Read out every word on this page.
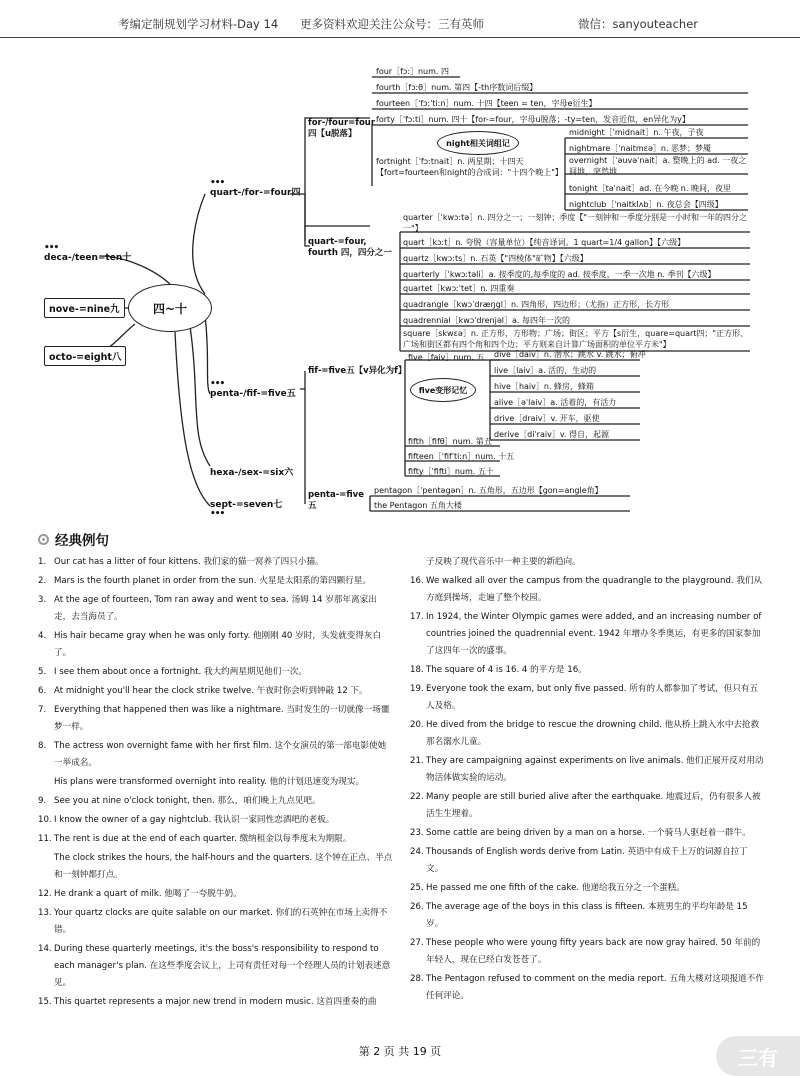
考编定制规划学习材料-Day 14 更多资料欢迎关注公众号：三有英师	微信：sanyouteacher
四~十
•••
quart-/for-=four四
•••
deca-/teen=ten十
nove-=nine九
octo-=eight八
•••
penta-/fif-=five五
hexa-/sex-=six六
sept-=seven七
•••
for-/four=four 四【u脱落】
quart-=four, fourth 四，四分之一
fif-=five五【v异化为f】
penta-=five五
four［fɔː］num. 四
fourth［fɔːθ］num. 第四【-th序数词后缀】
fourteen［ˈfɔːˈtiːn］num. 十四【teen = ten，字母e衍生】
forty［ˈfɔːti］num. 四十【for-=four，字母u脱落；-ty=ten，发音近似，en异化为y】
night相关词组记
fortnight［ˈfɔːtnait］n. 两星期；十四天【fort=fourteen和night的合成词："十四个晚上"】
midnight［ˈmidnait］n. 午夜，子夜
nightmare［ˈnaitmɛə］n. 恶梦；梦魇
overnight［ˈəuvəˈnait］a. 整晚上的 ad. 一夜之间地，突然地
tonight［təˈnait］ad. 在今晚 n. 晚间，夜里
nightclub［ˈnaitklʌb］n. 夜总会【四级】
quarter［ˈkwɔːtə］n. 四分之一；一刻钟；季度【"一刻钟和一季度分别是一小时和一年的四分之一"】
quart［kɔːt］n. 夸脱（容量单位）【纯音译词。1 quart=1/4 gallon】【六级】
quartz［kwɔːts］n. 石英【"四棱体"矿物】【六级】
quarterly［ˈkwɔːtəli］a. 按季度的,每季度的 ad. 按季度，一季一次地 n. 季刊【六级】
quartet［kwɔːˈtet］n. 四重奏
quadrangle［kwɔˈdræŋgl］n. 四角形，四边形；（尤指）正方形，长方形
quadrennial［kwɔˈdrenjəl］a. 每四年一次的
square［skwɛə］n. 正方形，方形物；广场；街区；平方【s衍生，quare=quart四；"正方形、广场和街区都有四个角和四个边；平方则来自计算广场面积的单位平方米"】
five［faiv］num. 五
five变形记忆
dive［daiv］n. 潜水；跳水 v. 跳水；俯冲
live［laiv］a. 活的，生动的
hive［haiv］n. 蜂房，蜂箱
alive［əˈlaiv］a. 活着的，有活力
drive［draiv］v. 开车，驱使
derive［diˈraiv］v. 得自，起源
fifth［fifθ］num. 第五
fifteen［ˈfifˈtiːn］num. 十五
fifty［ˈfifti］num. 五十
pentagon［ˈpentəgən］n. 五角形，五边形【gon=angle角】
the Pentagon 五角大楼
经典例句
1. Our cat has a litter of four kittens. 我们家的猫一窝养了四只小猫。
2. Mars is the fourth planet in order from the sun. 火星是太阳系的第四颗行星。
3. At the age of fourteen, Tom ran away and went to sea. 汤姆 14 岁那年离家出走，去当海员了。
4. His hair became gray when he was only forty. 他刚刚 40 岁时，头发就变得灰白了。
5. I see them about once a fortnight. 我大约两星期见他们一次。
6. At midnight you'll hear the clock strike twelve. 午夜时你会听到钟敲 12 下。
7. Everything that happened then was like a nightmare. 当时发生的一切就像一场噩梦一样。
8. The actress won overnight fame with her first film. 这个女演员的第一部电影使她一举成名。
His plans were transformed overnight into reality. 他的计划迅速变为现实。
9. See you at nine o'clock tonight, then. 那么，咱们晚上九点见吧。
10. I know the owner of a gay nightclub. 我认识一家同性恋酒吧的老板。
11. The rent is due at the end of each quarter. 缴纳租金以每季度末为期限。
The clock strikes the hours, the half-hours and the quarters. 这个钟在正点、半点和一刻钟都打点。
12. He drank a quart of milk. 他喝了一夸脱牛奶。
13. Your quartz clocks are quite salable on our market. 你们的石英钟在市场上卖得不错。
14. During these quarterly meetings, it's the boss's responsibility to respond to each manager's plan. 在这些季度会议上，上司有责任对每一个经理人员的计划表述意见。
15. This quartet represents a major new trend in modern music. 这首四重奏的曲
子反映了现代音乐中一种主要的新趋向。
16. We walked all over the campus from the quadrangle to the playground. 我们从方庭到操场，走遍了整个校园。
17. In 1924, the Winter Olympic games were added, and an increasing number of countries joined the quadrennial event. 1942 年增办冬季奥运，有更多的国家参加了这四年一次的盛事。
18. The square of 4 is 16. 4 的平方是 16。
19. Everyone took the exam, but only five passed. 所有的人都参加了考试，但只有五人及格。
20. He dived from the bridge to rescue the drowning child. 他从桥上跳入水中去抢救那名溺水儿童。
21. They are campaigning against experiments on live animals. 他们正展开反对用动物活体做实验的运动。
22. Many people are still buried alive after the earthquake. 地震过后，仍有很多人被活生生埋着。
23. Some cattle are being driven by a man on a horse. 一个骑马人驱赶着一群牛。
24. Thousands of English words derive from Latin. 英语中有成千上万的词源自拉丁文。
25. He passed me one fifth of the cake. 他递给我五分之一个蛋糕。
26. The average age of the boys in this class is fifteen. 本班男生的平均年龄是 15 岁。
27. These people who were young fifty years back are now gray haired. 50 年前的年轻人，现在已经白发苍苍了。
28. The Pentagon refused to comment on the media report. 五角大楼对这项报道不作任何评论。
第 2 页 共 19 页	三有
